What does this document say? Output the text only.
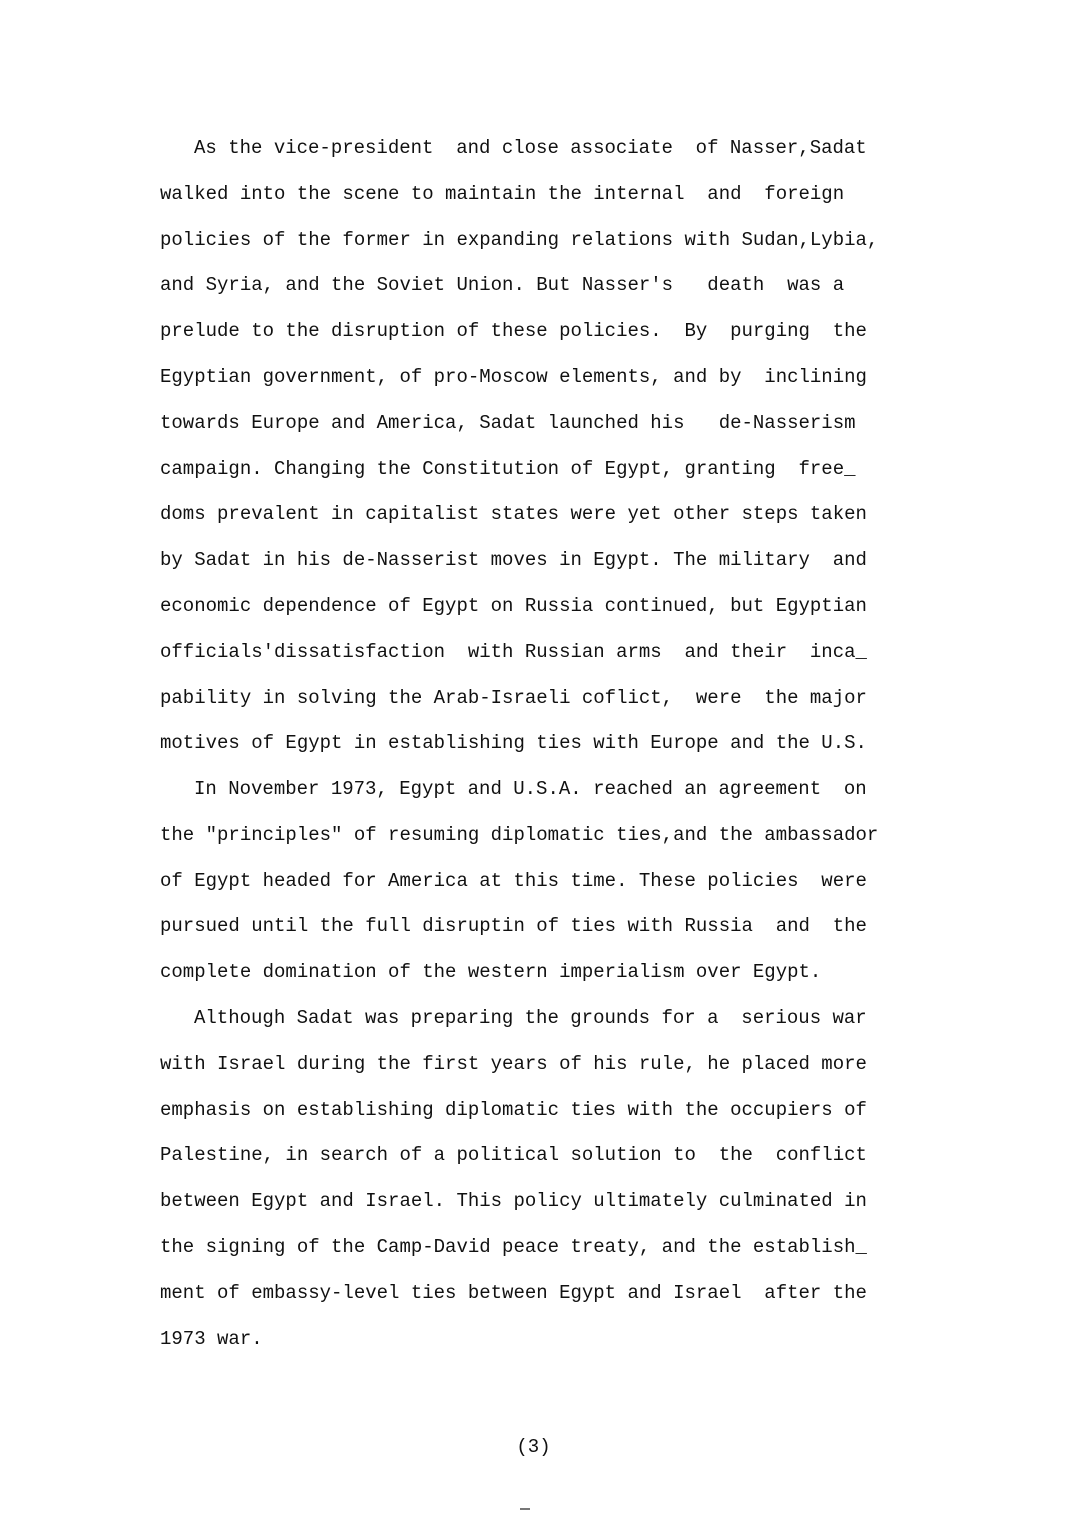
As the vice-president  and close associate  of Nasser,Sadat
walked into the scene to maintain the internal  and  foreign
policies of the former in expanding relations with Sudan,Lybia,
and Syria, and the Soviet Union. But Nasser's   death  was a
prelude to the disruption of these policies.  By  purging  the
Egyptian government, of pro-Moscow elements, and by  inclining
towards Europe and America, Sadat launched his   de-Nasserism
campaign. Changing the Constitution of Egypt, granting  free_
doms prevalent in capitalist states were yet other steps taken
by Sadat in his de-Nasserist moves in Egypt. The military  and
economic dependence of Egypt on Russia continued, but Egyptian
officials'dissatisfaction  with Russian arms  and their  inca_
pability in solving the Arab-Israeli coflict,  were  the major
motives of Egypt in establishing ties with Europe and the U.S.
In November 1973, Egypt and U.S.A. reached an agreement  on
the "principles" of resuming diplomatic ties,and the ambassador
of Egypt headed for America at this time. These policies  were
pursued until the full disruptin of ties with Russia  and  the
complete domination of the western imperialism over Egypt.
Although Sadat was preparing the grounds for a  serious war
with Israel during the first years of his rule, he placed more
emphasis on establishing diplomatic ties with the occupiers of
Palestine, in search of a political solution to  the  conflict
between Egypt and Israel. This policy ultimately culminated in
the signing of the Camp-David peace treaty, and the establish_
ment of embassy-level ties between Egypt and Israel  after the
1973 war.
(3)
